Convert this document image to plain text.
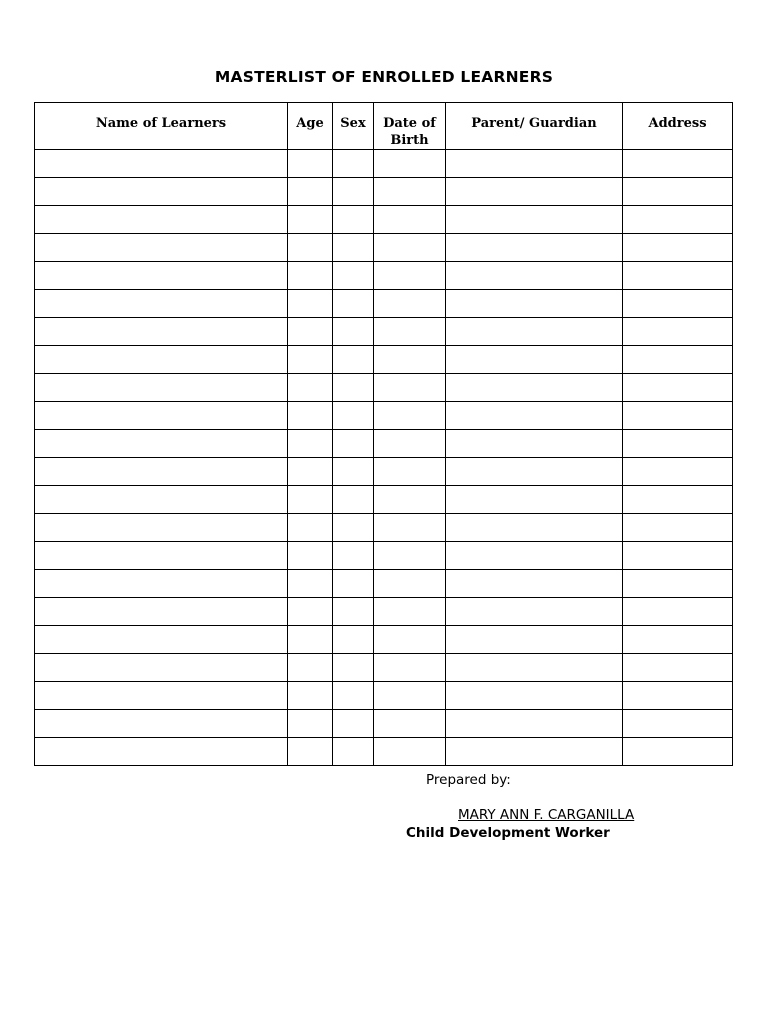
MASTERLIST OF ENROLLED LEARNERS
Name of Learners	Age	Sex	Date of Birth	Parent/ Guardian	Address

Prepared by:
MARY ANN F. CARGANILLA
Child Development Worker
